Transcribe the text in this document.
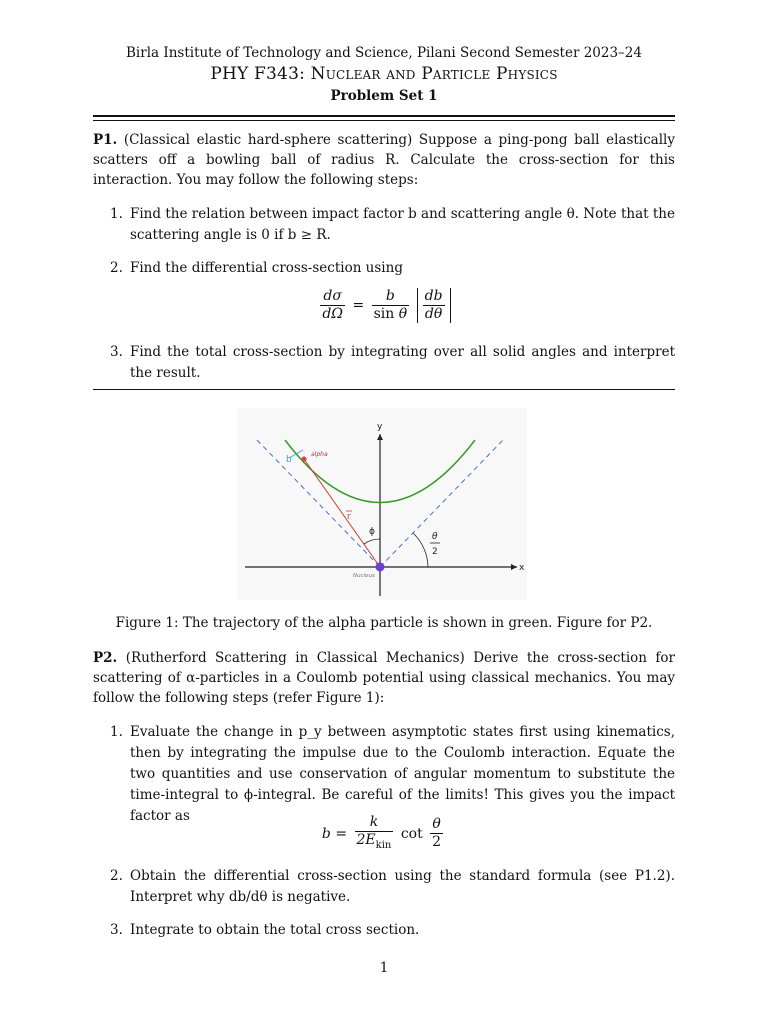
Birla Institute of Technology and Science, Pilani Second Semester 2023–24
PHY F343: Nuclear and Particle Physics
Problem Set 1
P1. (Classical elastic hard-sphere scattering) Suppose a ping-pong ball elastically scatters off a bowling ball of radius R. Calculate the cross-section for this interaction. You may follow the following steps:
1. Find the relation between impact factor b and scattering angle θ. Note that the scattering angle is 0 if b ≥ R.
2. Find the differential cross-section using
$\frac{d\sigma}{d\Omega} = \frac{b}{\text{sin θ}}$
$\frac{db}{d\theta}$
3. Find the total cross-section by integrating over all solid angles and interpret the result.
y
x
b
alpha
r
ϕ	θ
2
Nucleus
Figure 1: The trajectory of the alpha particle is shown in green. Figure for P2.
P2. (Rutherford Scattering in Classical Mechanics) Derive the cross-section for scattering of α-particles in a Coulomb potential using classical mechanics. You may follow the following steps (refer Figure 1):
1. Evaluate the change in p_y between asymptotic states first using kinematics, then by integrating the impulse due to the Coulomb interaction. Equate the two quantities and use conservation of angular momentum to substitute the time-integral to ϕ-integral. Be careful of the limits! This gives you the impact factor as
$b = \frac{k}{2E_{kin}}$ $\cot \frac{\theta}{2}$
2. Obtain the differential cross-section using the standard formula (see P1.2). Interpret why db/dθ is negative.
3. Integrate to obtain the total cross section.
1
